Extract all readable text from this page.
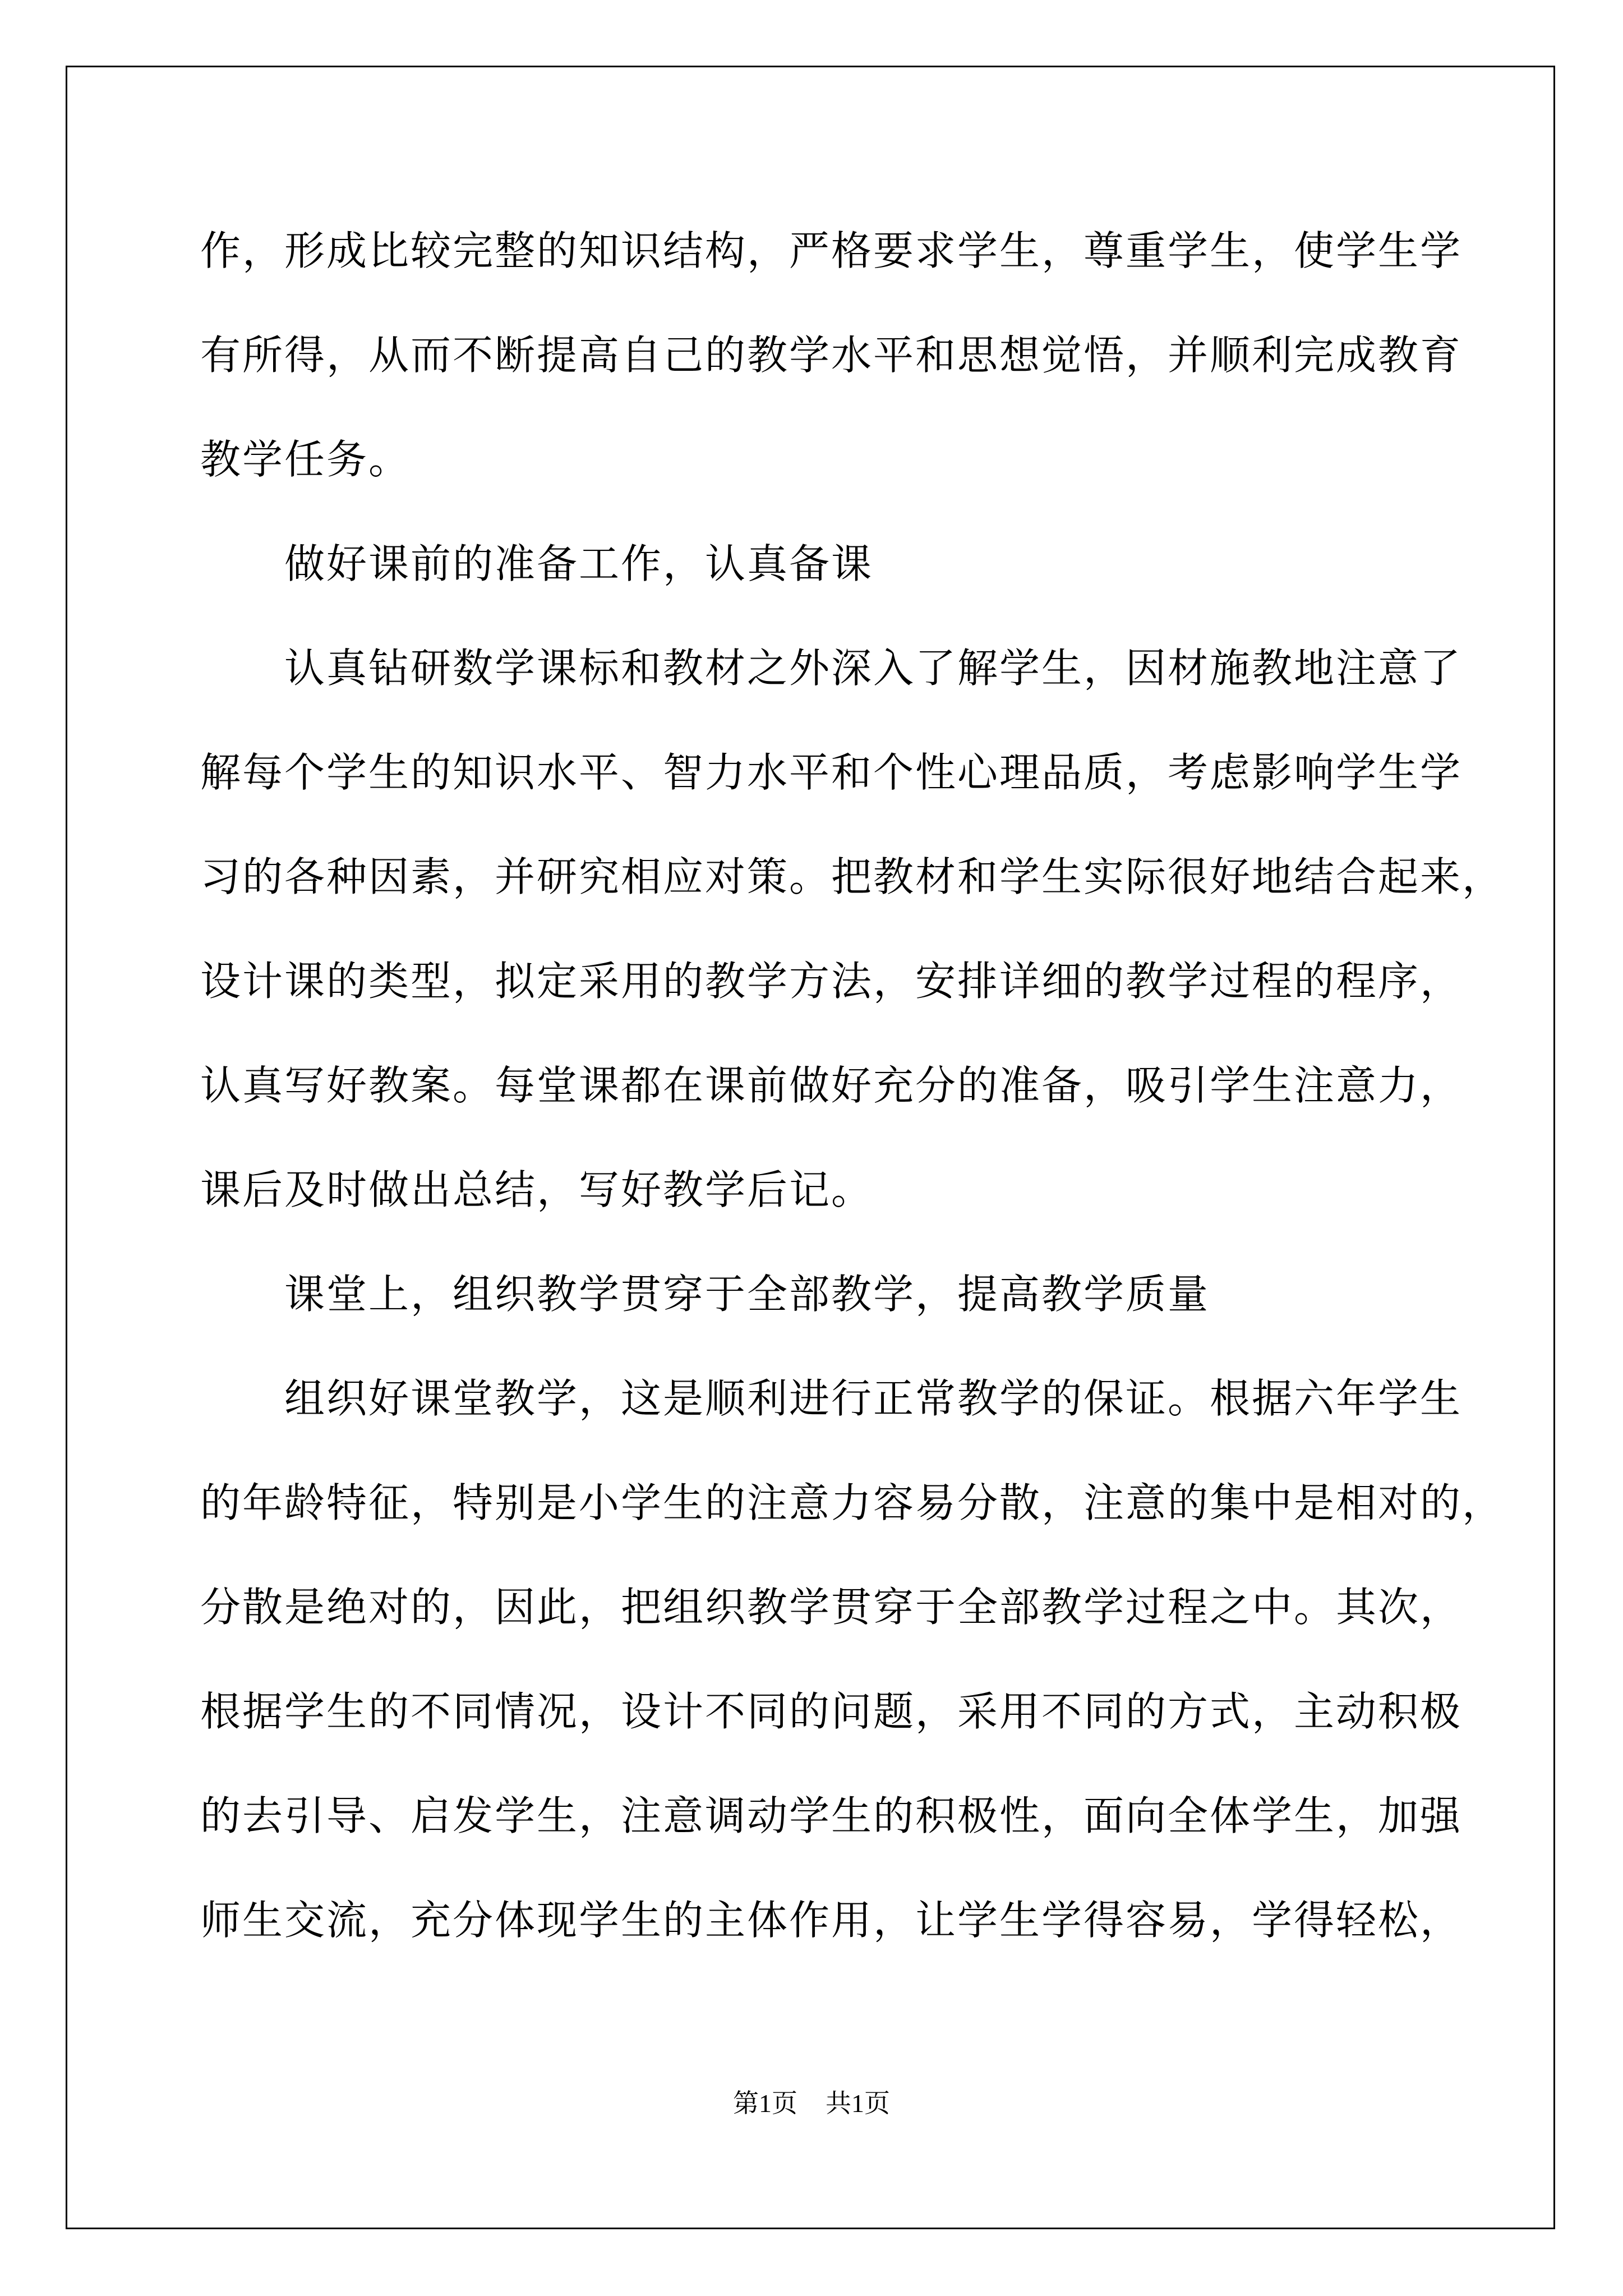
作，形成比较完整的知识结构，严格要求学生，尊重学生，使学生学
有所得，从而不断提高自己的教学水平和思想觉悟，并顺利完成教育
教学任务。
做好课前的准备工作，认真备课
认真钻研数学课标和教材之外深入了解学生，因材施教地注意了
解每个学生的知识水平、智力水平和个性心理品质，考虑影响学生学
习的各种因素，并研究相应对策。把教材和学生实际很好地结合起来，
设计课的类型，拟定采用的教学方法，安排详细的教学过程的程序，
认真写好教案。每堂课都在课前做好充分的准备，吸引学生注意力，
课后及时做出总结，写好教学后记。
课堂上，组织教学贯穿于全部教学，提高教学质量
组织好课堂教学，这是顺利进行正常教学的保证。根据六年学生
的年龄特征，特别是小学生的注意力容易分散，注意的集中是相对的，
分散是绝对的，因此，把组织教学贯穿于全部教学过程之中。其次，
根据学生的不同情况，设计不同的问题，采用不同的方式，主动积极
的去引导、启发学生，注意调动学生的积极性，面向全体学生，加强
师生交流，充分体现学生的主体作用，让学生学得容易，学得轻松，
第1页 共1页
